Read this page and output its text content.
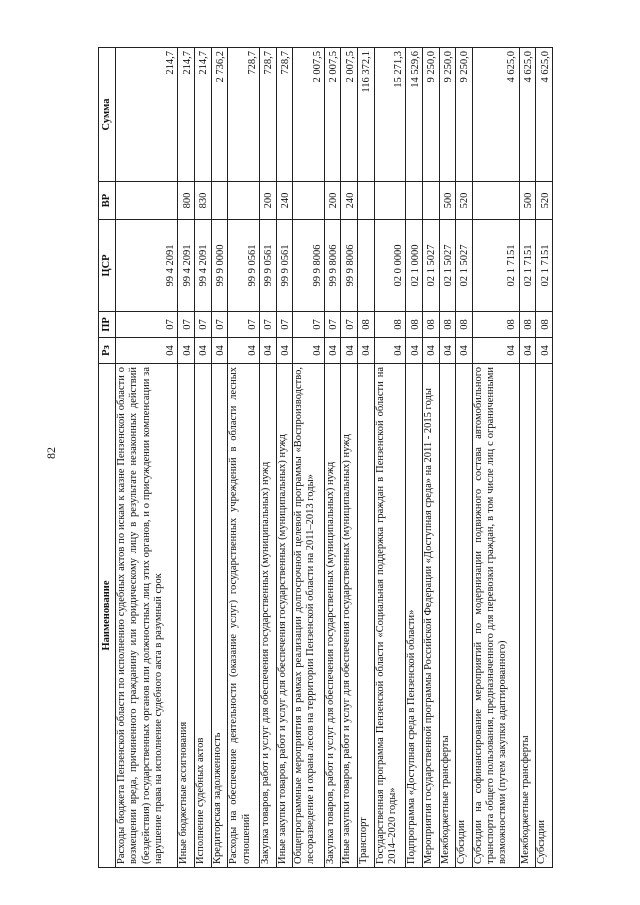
82
Наименование	Рз	ПР	ЦСР	ВР	Сумма
Расходы бюджета Пензенской области по исполнению судебных актов по искам к казне Пензенской области о возмещении вреда, причиненного гражданину или юридическому лицу в результате незаконных действий (бездействия) государственных органов или должностных лиц этих органов, и о присуждении компенсации за нарушение права на исполнение судебного акта в разумный срок	04	07	99 4 2091		214,7
Иные бюджетные ассигнования	04	07	99 4 2091	800	214,7
Исполнение судебных актов	04	07	99 4 2091	830	214,7
Кредиторская задолженность	04	07	99 9 0000		2 736,2
Расходы на обеспечение деятельности (оказание услуг) государственных учреждений в области лесных отношений	04	07	99 9 0561		728,7
Закупка товаров, работ и услуг для обеспечения государственных (муниципальных) нужд	04	07	99 9 0561	200	728,7
Иные закупки товаров, работ и услуг для обеспечения государственных (муниципальных) нужд	04	07	99 9 0561	240	728,7
Общепрограммные мероприятия в рамках реализации долгосрочной целевой программы «Воспроизводство, лесоразведение и охрана лесов на территории Пензенской области на 2011–2013 годы»	04	07	99 9 8006		2 007,5
Закупка товаров, работ и услуг для обеспечения государственных (муниципальных) нужд	04	07	99 9 8006	200	2 007,5
Иные закупки товаров, работ и услуг для обеспечения государственных (муниципальных) нужд	04	07	99 9 8006	240	2 007,5
Транспорт	04	08			116 372,1
Государственная программа Пензенской области «Социальная поддержка граждан в Пензенской области на 2014–2020 годы»	04	08	02 0 0000		15 271,3
Подпрограмма «Доступная среда в Пензенской области»	04	08	02 1 0000		14 529,6
Мероприятия государственной программы Российской Федерации «Доступная среда» на 2011 - 2015 годы	04	08	02 1 5027		9 250,0
Межбюджетные трансферты	04	08	02 1 5027	500	9 250,0
Субсидии	04	08	02 1 5027	520	9 250,0
Субсидии на софинансирование мероприятий по модернизации подвижного состава автомобильного транспорта общего пользования, предназначенного для перевозки граждан, в том числе лиц с ограниченными возможностями (путем закупки адаптированного)	04	08	02 1 7151		4 625,0
Межбюджетные трансферты	04	08	02 1 7151	500	4 625,0
Субсидии	04	08	02 1 7151	520	4 625,0
